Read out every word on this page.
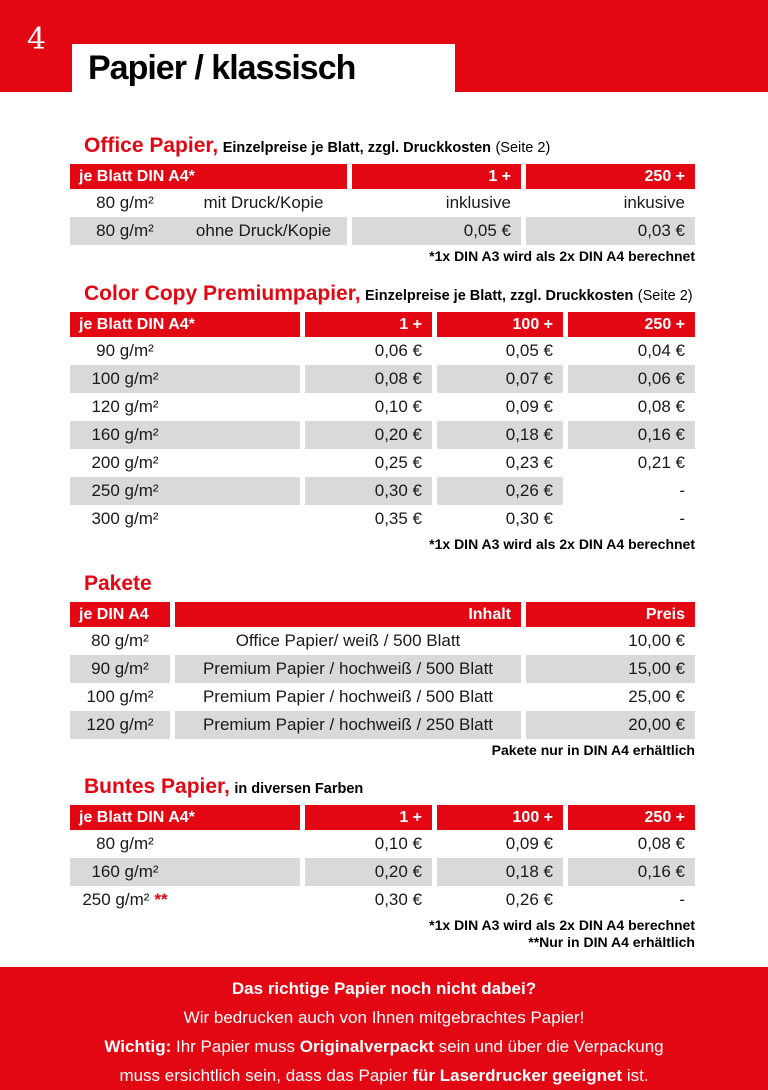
4
Papier / klassisch
Office Papier, Einzelpreise je Blatt, zzgl. Druckkosten (Seite 2)
je Blatt DIN A4*	1 +	250 +
80 g/m²	mit Druck/Kopie	inklusive	inkusive
80 g/m²	ohne Druck/Kopie	0,05 €	0,03 €
*1x DIN A3 wird als 2x DIN A4 berechnet
Color Copy Premiumpapier, Einzelpreise je Blatt, zzgl. Druckkosten (Seite 2)
je Blatt DIN A4*	1 +	100 +	250 +
90 g/m²	0,06 €	0,05 €	0,04 €
100 g/m²	0,08 €	0,07 €	0,06 €
120 g/m²	0,10 €	0,09 €	0,08 €
160 g/m²	0,20 €	0,18 €	0,16 €
200 g/m²	0,25 €	0,23 €	0,21 €
250 g/m²	0,30 €	0,26 €	-
300 g/m²	0,35 €	0,30 €	-
*1x DIN A3 wird als 2x DIN A4 berechnet
Pakete
je DIN A4	Inhalt	Preis
80 g/m²	Office Papier/ weiß / 500 Blatt	10,00 €
90 g/m²	Premium Papier / hochweiß / 500 Blatt	15,00 €
100 g/m²	Premium Papier / hochweiß / 500 Blatt	25,00 €
120 g/m²	Premium Papier / hochweiß / 250 Blatt	20,00 €
Pakete nur in DIN A4 erhältlich
Buntes Papier, in diversen Farben
je Blatt DIN A4*	1 +	100 +	250 +
80 g/m²	0,10 €	0,09 €	0,08 €
160 g/m²	0,20 €	0,18 €	0,16 €
250 g/m² **	0,30 €	0,26 €	-
*1x DIN A3 wird als 2x DIN A4 berechnet
**Nur in DIN A4 erhältlich
Das richtige Papier noch nicht dabei?
Wir bedrucken auch von Ihnen mitgebrachtes Papier!
Wichtig: Ihr Papier muss Originalverpackt sein und über die Verpackung
muss ersichtlich sein, dass das Papier für Laserdrucker geeignet ist.
